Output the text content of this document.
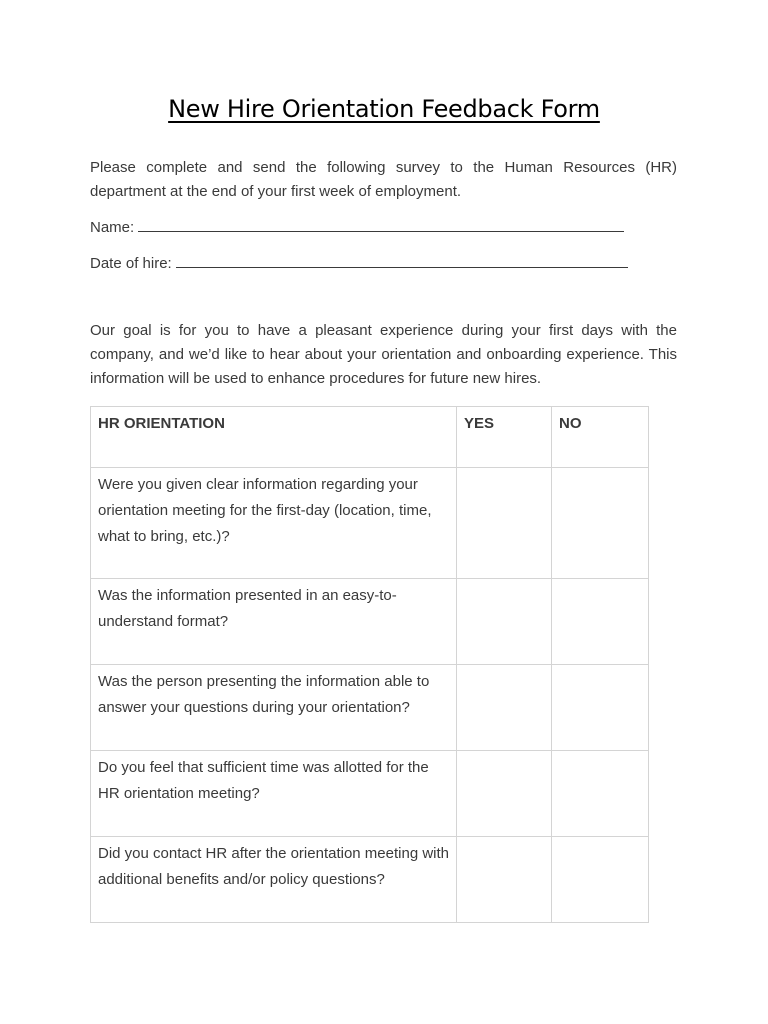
New Hire Orientation Feedback Form

Please complete and send the following survey to the Human Resources (HR) department at the end of your first week of employment.

Name:
Date of hire:

Our goal is for you to have a pleasant experience during your first days with the company, and we’d like to hear about your orientation and onboarding experience. This information will be used to enhance procedures for future new hires.

HR ORIENTATION	YES	NO
Were you given clear information regarding your orientation meeting for the first-day (location, time, what to bring, etc.)?		
Was the information presented in an easy-to-understand format?		
Was the person presenting the information able to answer your questions during your orientation?		
Do you feel that sufficient time was allotted for the HR orientation meeting?		
Did you contact HR after the orientation meeting with additional benefits and/or policy questions?		
